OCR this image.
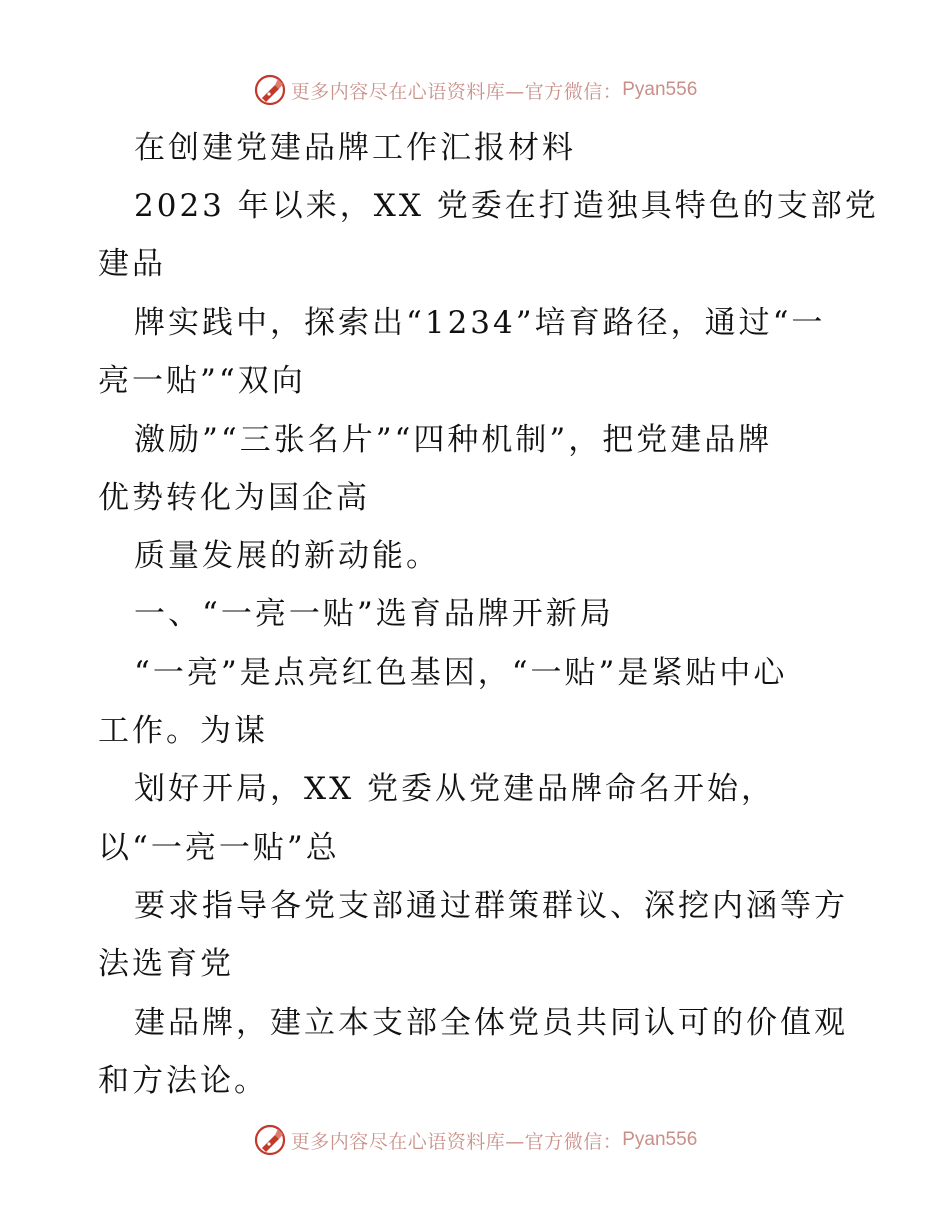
更多内容尽在心语资料库—官方微信： Pyan556
在创建党建品牌工作汇报材料
2023 年以来，XX 党委在打造独具特色的支部党
建品
牌实践中，探索出“1234”培育路径，通过“一
亮一贴”“双向
激励”“三张名片”“四种机制”，把党建品牌
优势转化为国企高
质量发展的新动能。
一、“一亮一贴”选育品牌开新局
“一亮”是点亮红色基因，“一贴”是紧贴中心
工作。为谋
划好开局，XX 党委从党建品牌命名开始，
以“一亮一贴”总
要求指导各党支部通过群策群议、深挖内涵等方
法选育党
建品牌，建立本支部全体党员共同认可的价值观
和方法论。
更多内容尽在心语资料库—官方微信： Pyan556
